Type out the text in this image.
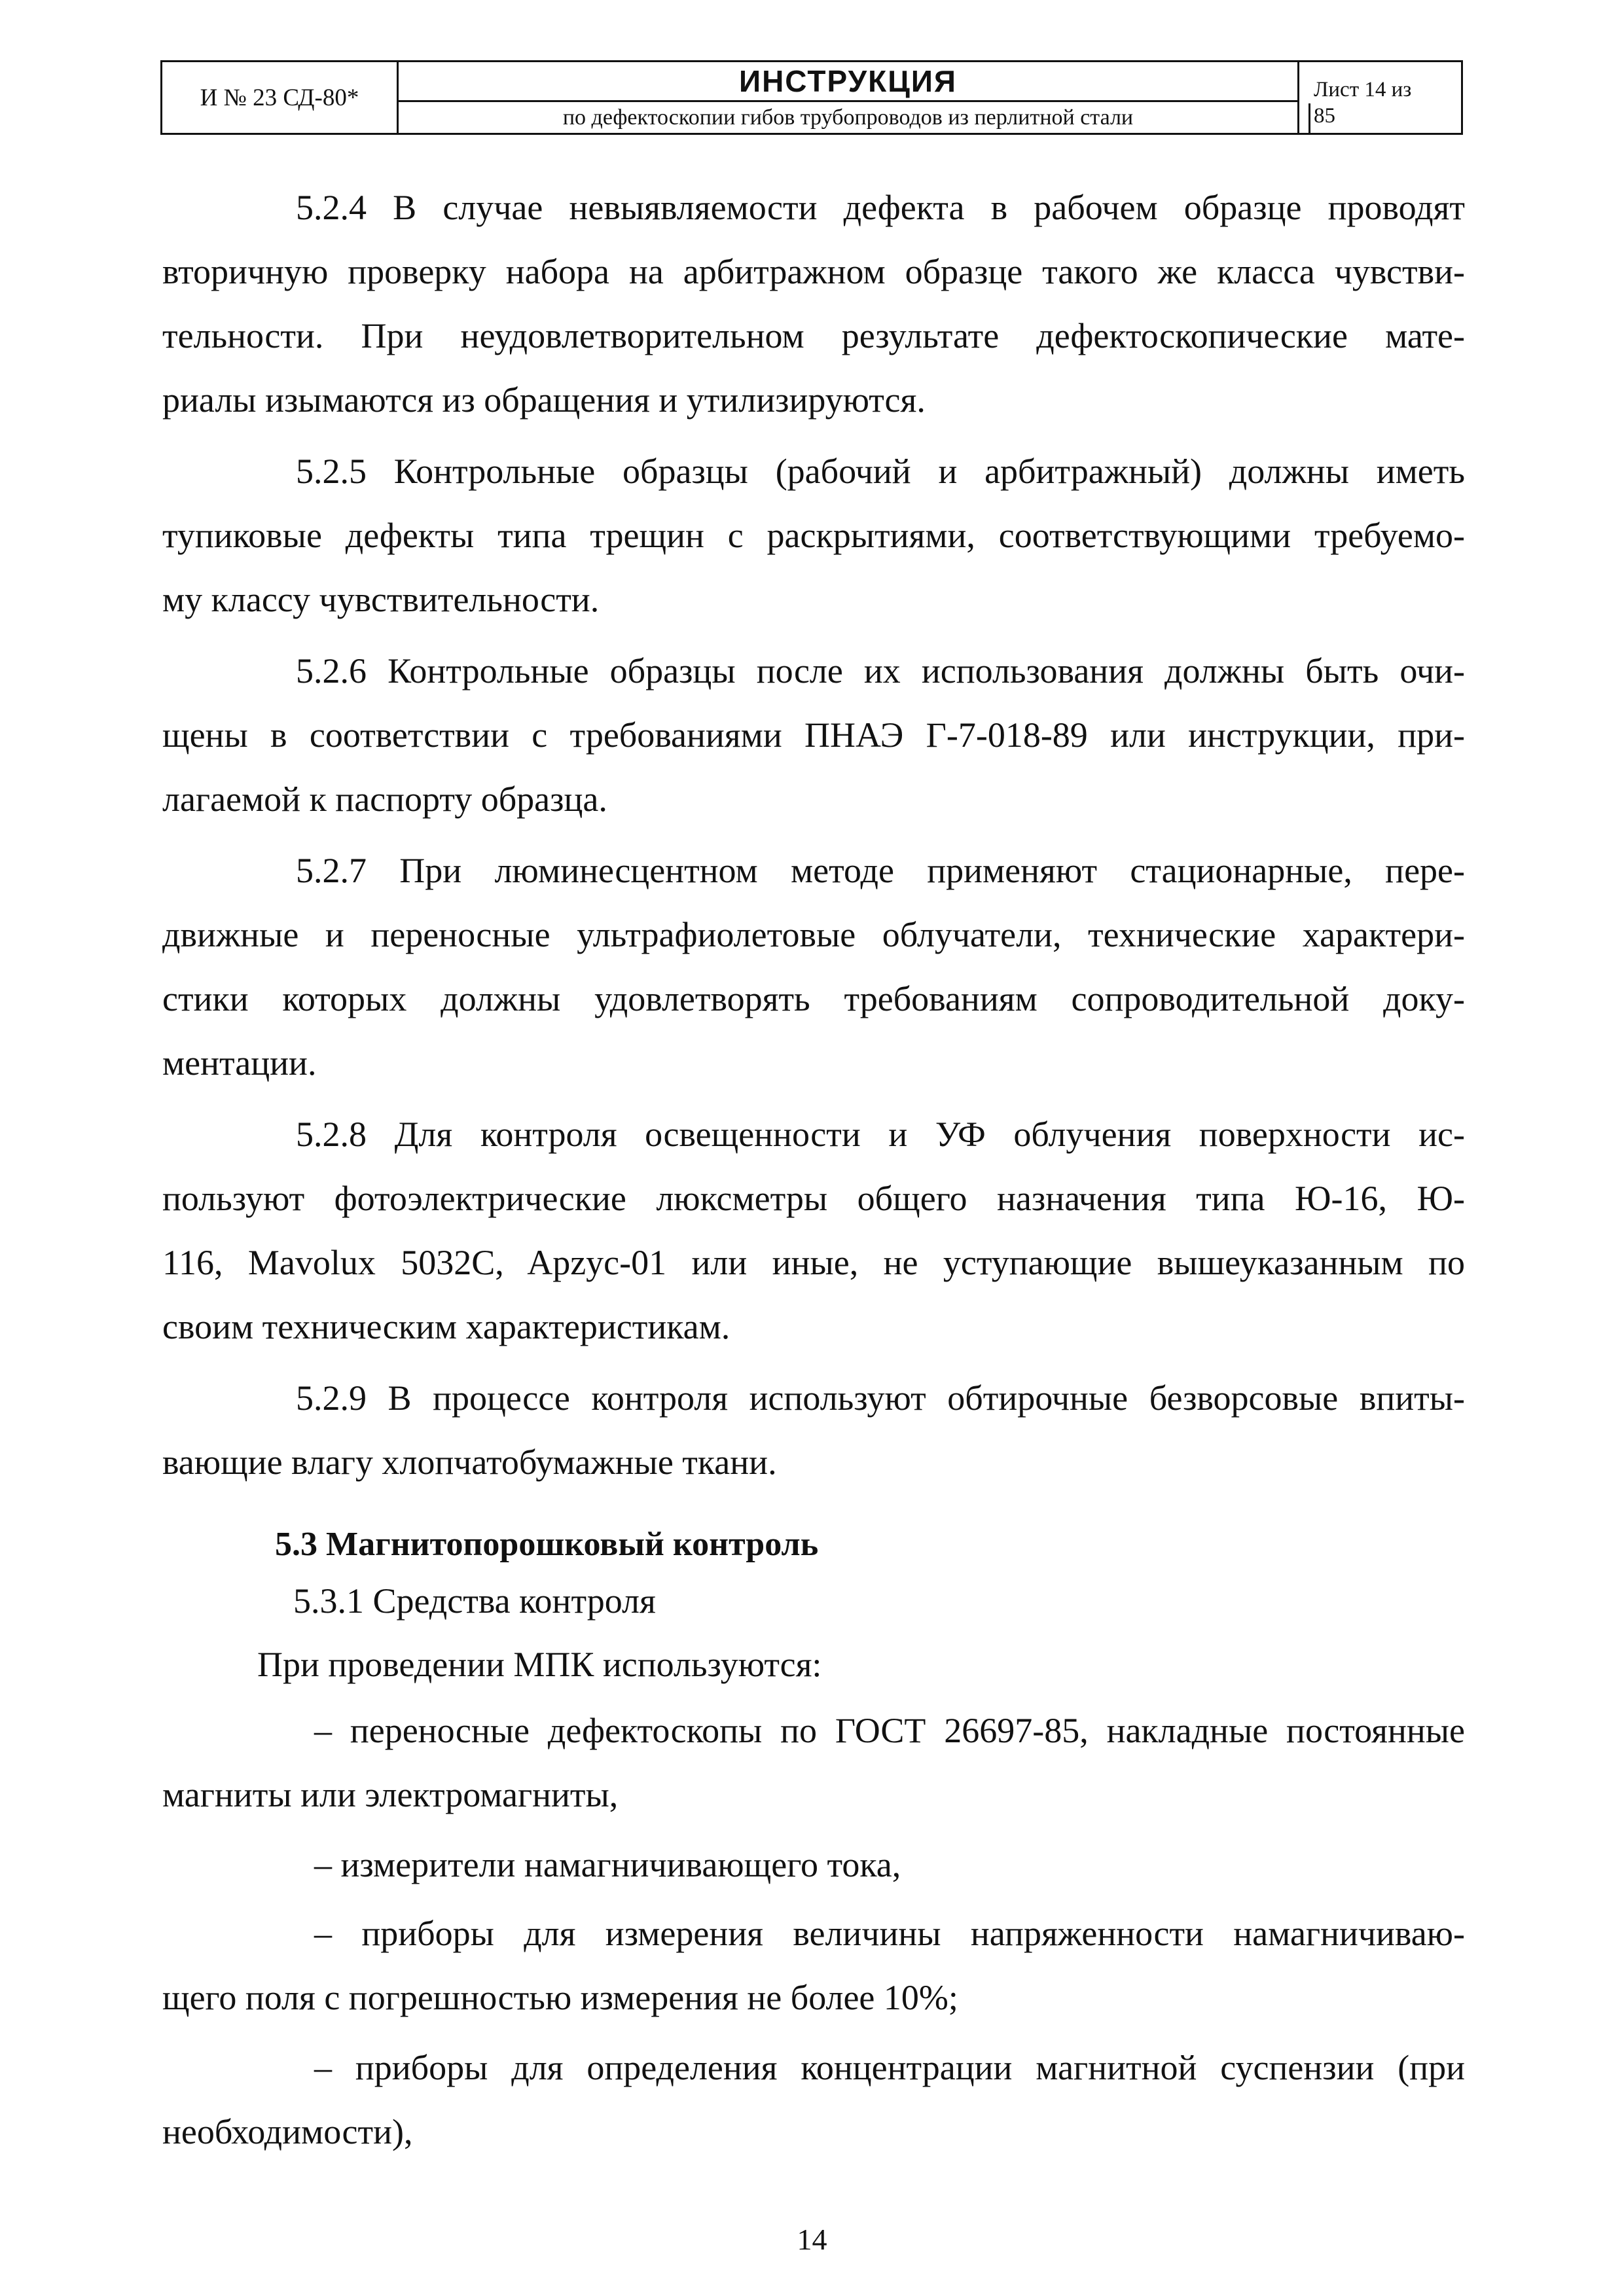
И № 23 СД-80*	ИНСТРУКЦИЯ
по дефектоскопии гибов трубопроводов из перлитной стали
Лист 14 из
85
5.2.4 В случае невыявляемости дефекта в рабочем образце проводят
вторичную проверку набора на арбитражном образце такого же класса чувстви-
тельности. При неудовлетворительном результате дефектоскопические мате-
риалы изымаются из обращения и утилизируются.
5.2.5 Контрольные образцы (рабочий и арбитражный) должны иметь
тупиковые дефекты типа трещин с раскрытиями, соответствующими требуемо-
му классу чувствительности.
5.2.6 Контрольные образцы после их использования должны быть очи-
щены в соответствии с требованиями ПНАЭ Г-7-018-89 или инструкции, при-
лагаемой к паспорту образца.
5.2.7 При люминесцентном методе применяют стационарные, пере-
движные и переносные ультрафиолетовые облучатели, технические характери-
стики которых должны удовлетворять требованиям сопроводительной доку-
ментации.
5.2.8 Для контроля освещенности и УФ облучения поверхности ис-
пользуют фотоэлектрические люксметры общего назначения типа Ю-16, Ю-
116, Mavolux 5032C, Apzyc-01 или иные, не уступающие вышеуказанным по
своим техническим характеристикам.
5.2.9 В процессе контроля используют обтирочные безворсовые впиты-
вающие влагу хлопчатобумажные ткани.
5.3 Магнитопорошковый контроль
5.3.1 Средства контроля
При проведении МПК используются:
– переносные дефектоскопы по ГОСТ 26697-85, накладные постоянные
магниты или электромагниты,
– измерители намагничивающего тока,
– приборы для измерения величины напряженности намагничиваю-
щего поля с погрешностью измерения не более 10%;
– приборы для определения концентрации магнитной суспензии (при
необходимости),
14
